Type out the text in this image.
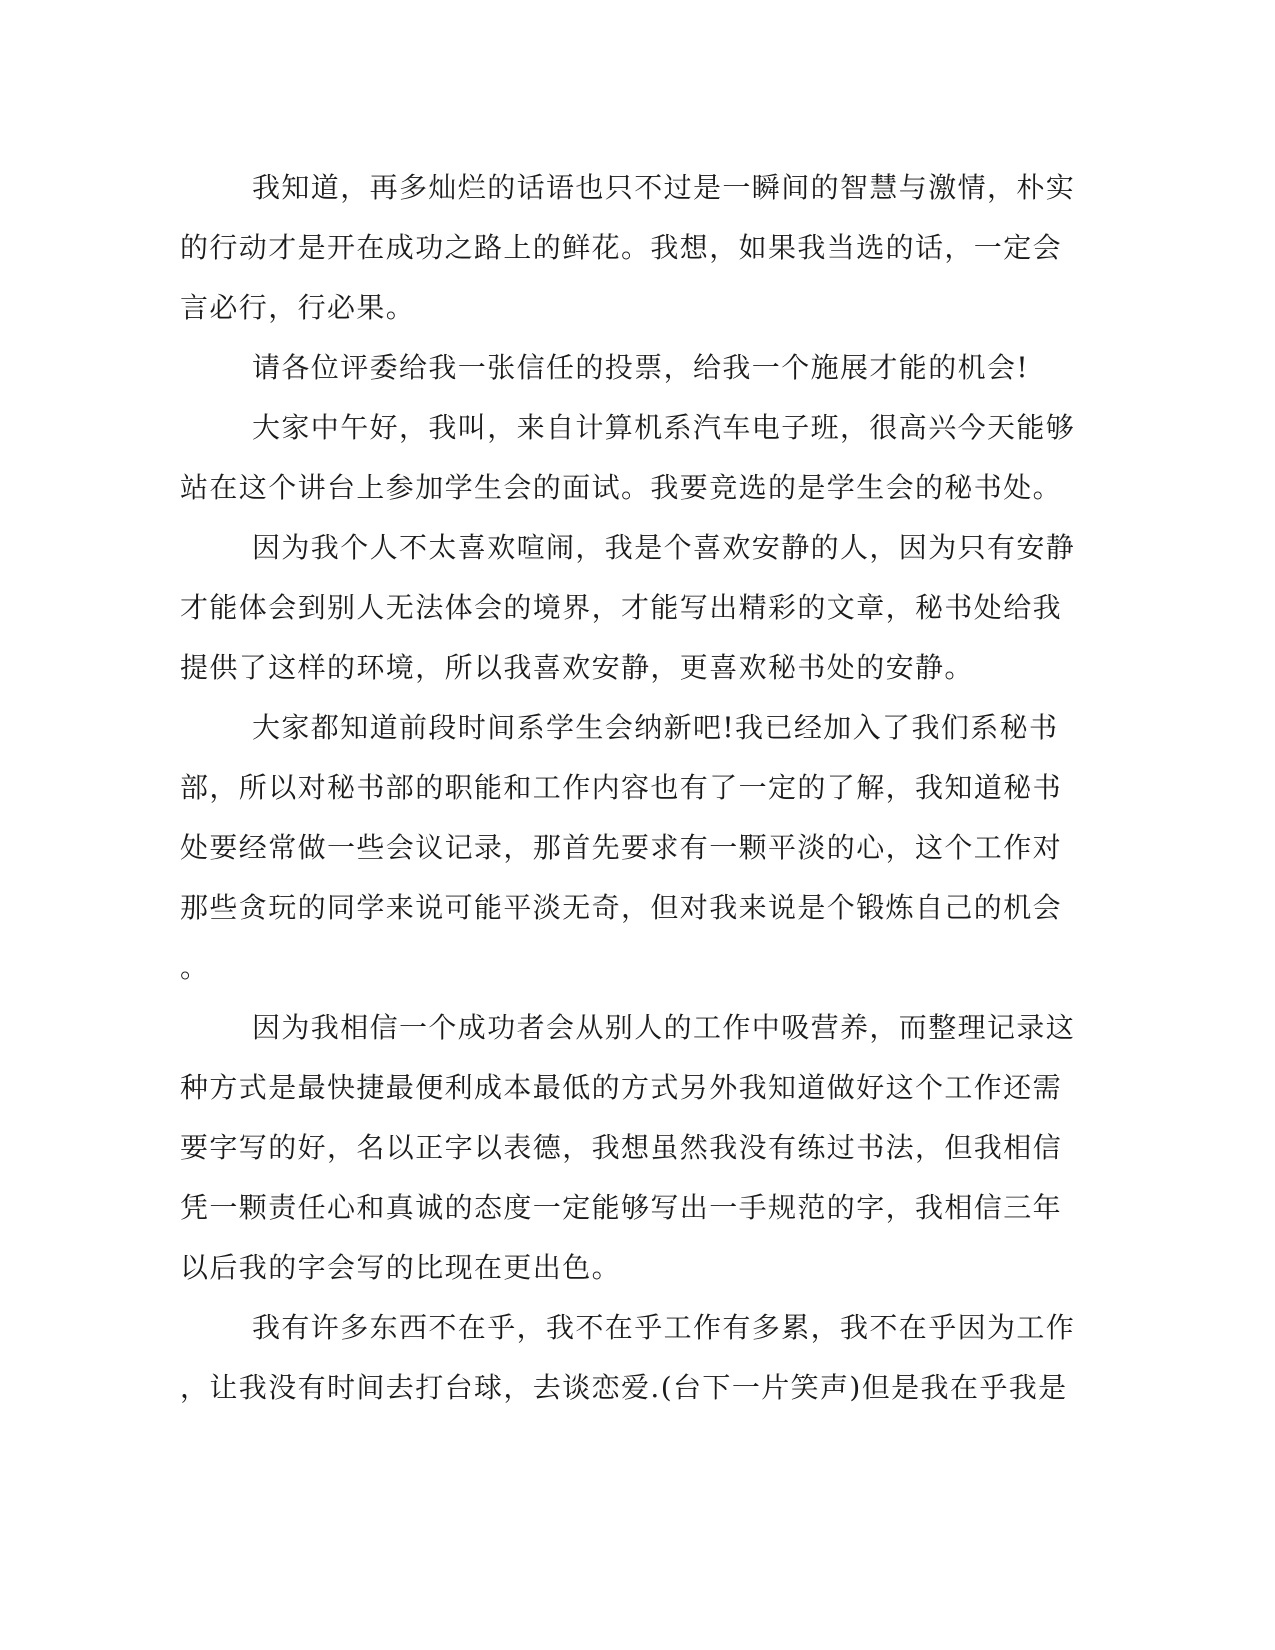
我知道，再多灿烂的话语也只不过是一瞬间的智慧与激情，朴实
的行动才是开在成功之路上的鲜花。我想，如果我当选的话，一定会
言必行，行必果。
请各位评委给我一张信任的投票，给我一个施展才能的机会!
大家中午好，我叫，来自计算机系汽车电子班，很高兴今天能够
站在这个讲台上参加学生会的面试。我要竞选的是学生会的秘书处。
因为我个人不太喜欢喧闹，我是个喜欢安静的人，因为只有安静
才能体会到别人无法体会的境界，才能写出精彩的文章，秘书处给我
提供了这样的环境，所以我喜欢安静，更喜欢秘书处的安静。
大家都知道前段时间系学生会纳新吧!我已经加入了我们系秘书
部，所以对秘书部的职能和工作内容也有了一定的了解，我知道秘书
处要经常做一些会议记录，那首先要求有一颗平淡的心，这个工作对
那些贪玩的同学来说可能平淡无奇，但对我来说是个锻炼自己的机会
。
因为我相信一个成功者会从别人的工作中吸营养，而整理记录这
种方式是最快捷最便利成本最低的方式另外我知道做好这个工作还需
要字写的好，名以正字以表德，我想虽然我没有练过书法，但我相信
凭一颗责任心和真诚的态度一定能够写出一手规范的字，我相信三年
以后我的字会写的比现在更出色。
我有许多东西不在乎，我不在乎工作有多累，我不在乎因为工作
，让我没有时间去打台球，去谈恋爱.(台下一片笑声)但是我在乎我是
